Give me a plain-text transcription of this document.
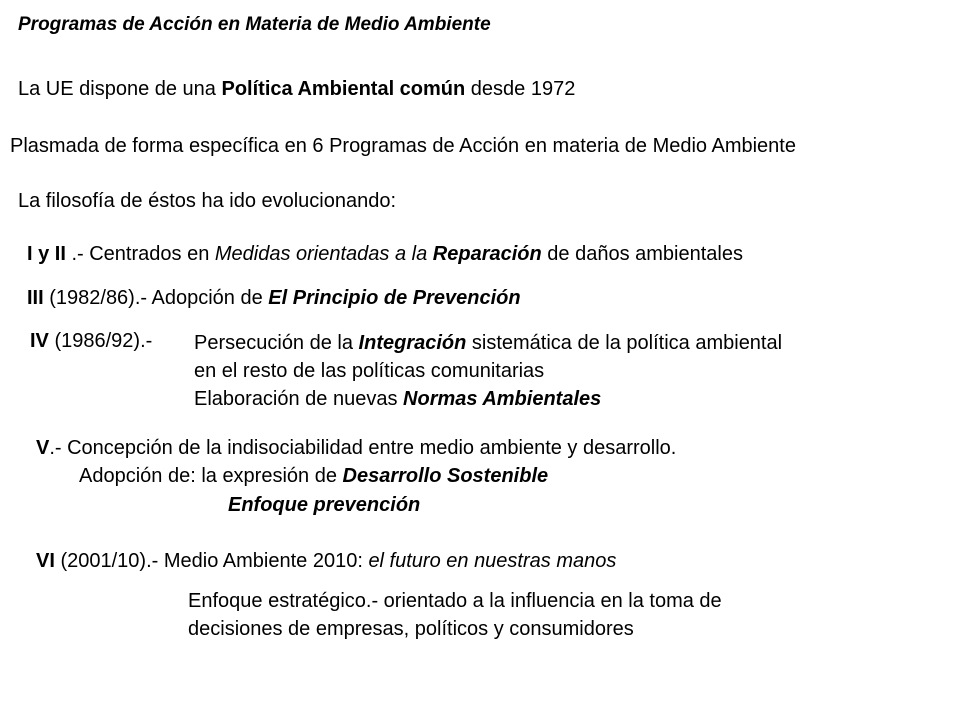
Programas de Acción en Materia de Medio Ambiente
La UE dispone de una Política Ambiental común desde 1972
Plasmada de forma específica en 6 Programas de Acción en materia de Medio Ambiente
La filosofía de éstos ha ido evolucionando:
I y II .- Centrados en Medidas orientadas a la Reparación de daños ambientales
III (1982/86).- Adopción de El Principio de Prevención
IV (1986/92).- Persecución de la Integración sistemática de la política ambiental
en el resto de las políticas comunitarias
Elaboración de nuevas Normas Ambientales
V.- Concepción de la indisociabilidad entre medio ambiente y desarrollo.
Adopción de: la expresión de Desarrollo Sostenible
Enfoque prevención
VI (2001/10).- Medio Ambiente 2010: el futuro en nuestras manos
Enfoque estratégico.- orientado a la influencia en la toma de
decisiones de empresas, políticos y consumidores
